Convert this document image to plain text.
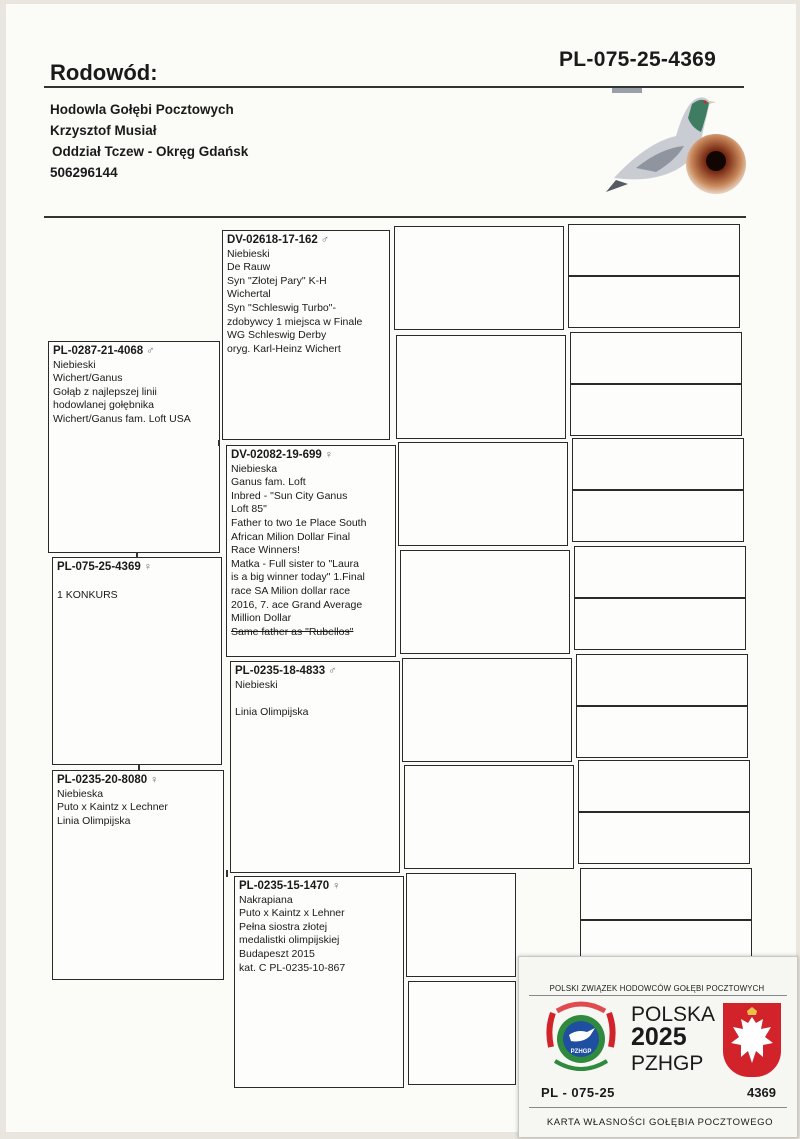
Rodowód:
PL-075-25-4369
Hodowla Gołębi Pocztowych
Krzysztof Musiał
Oddział Tczew - Okręg Gdańsk
506296144
PL-0287-21-4068 ♂
Niebieski
Wichert/Ganus
Gołąb z najlepszej linii
hodowlanej gołębnika
Wichert/Ganus fam. Loft USA
PL-075-25-4369 ♀
1 KONKURS
PL-0235-20-8080 ♀
Niebieska
Puto x Kaintz x Lechner
Linia Olimpijska
DV-02618-17-162 ♂
Niebieski
De Rauw
Syn "Złotej Pary" K-H
Wichertal
Syn "Schleswig Turbo"-
zdobywcy 1 miejsca w Finale
WG Schleswig Derby
oryg. Karl-Heinz Wichert
DV-02082-19-699 ♀
Niebieska
Ganus fam. Loft
Inbred - "Sun City Ganus
Loft 85"
Father to two 1e Place South
African Milion Dollar Final
Race Winners!
Matka - Full sister to "Laura
is a big winner today" 1.Final
race SA Milion dollar race
2016, 7. ace Grand Average
Million Dollar
Same father as "Rubellos"
PL-0235-18-4833 ♂
Niebieski
Linia Olimpijska
PL-0235-15-1470 ♀
Nakrapiana
Puto x Kaintz x Lehner
Pełna siostra złotej
medalistki olimpijskiej
Budapeszt 2015
kat. C PL-0235-10-867
POLSKI ZWIĄZEK HODOWCÓW GOŁĘBI POCZTOWYCH
PZHGP
POLSKA
2025
PZHGP
PL - 075-25	4369
KARTA WŁASNOŚCI GOŁĘBIA POCZTOWEGO
